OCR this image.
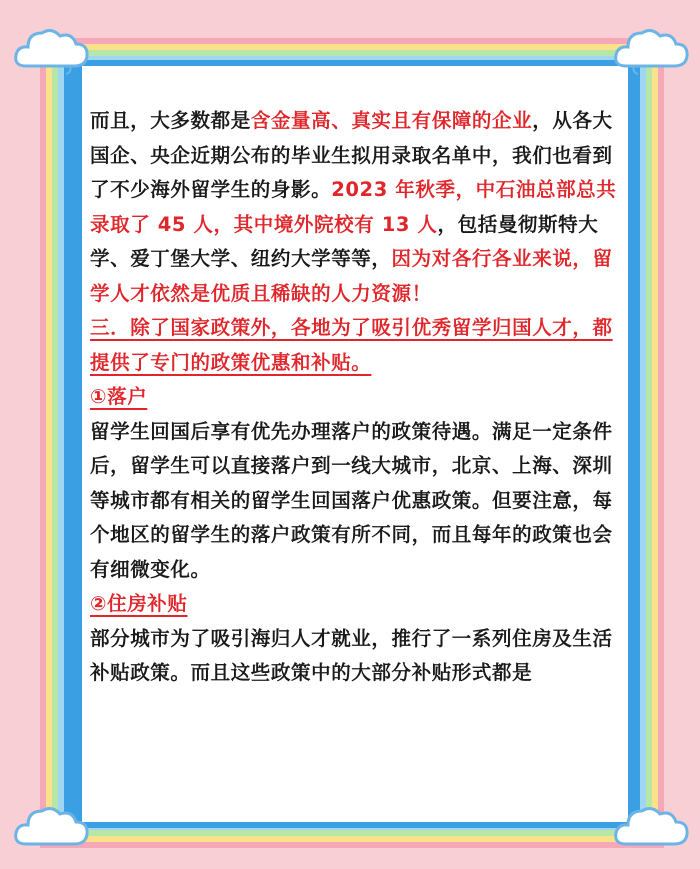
而且，大多数都是含金量高、真实且有保障的企业，从各大国企、央企近期公布的毕业生拟用录取名单中，我们也看到了不少海外留学生的身影。2023 年秋季，中石油总部总共录取了 45 人，其中境外院校有 13 人，包括曼彻斯特大学、爱丁堡大学、纽约大学等等，因为对各行各业来说，留学人才依然是优质且稀缺的人力资源！

三．除了国家政策外，各地为了吸引优秀留学归国人才，都提供了专门的政策优惠和补贴。

①落户

留学生回国后享有优先办理落户的政策待遇。满足一定条件后，留学生可以直接落户到一线大城市，北京、上海、深圳等城市都有相关的留学生回国落户优惠政策。但要注意，每个地区的留学生的落户政策有所不同，而且每年的政策也会有细微变化。

②住房补贴

部分城市为了吸引海归人才就业，推行了一系列住房及生活补贴政策。而且这些政策中的大部分补贴形式都是
